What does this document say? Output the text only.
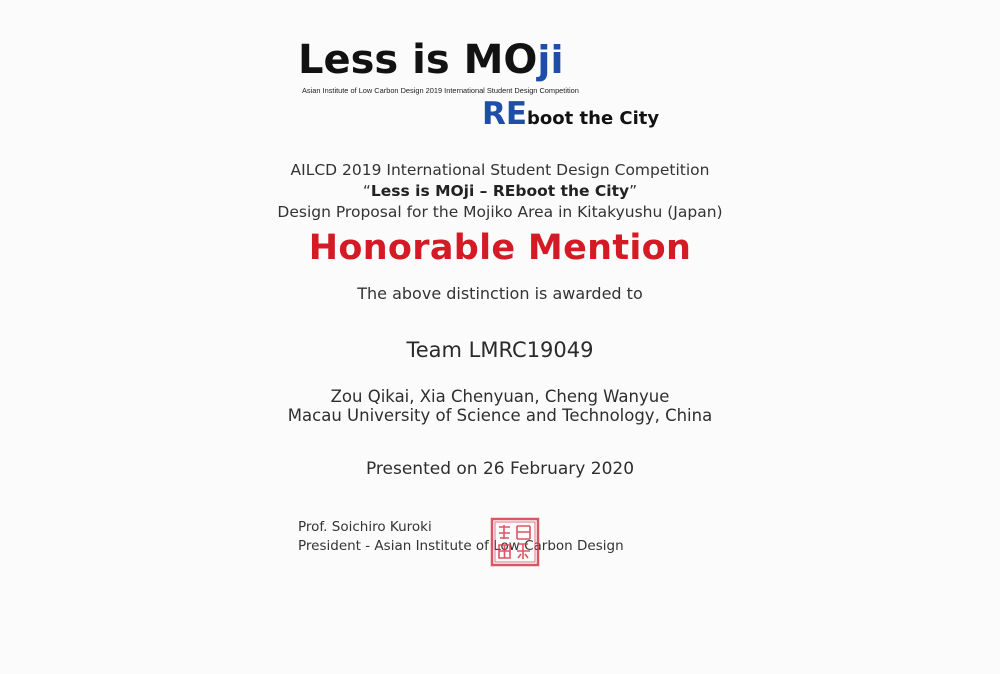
Less is MOji
Asian Institute of Low Carbon Design 2019 International Student Design Competition
REboot the City
AILCD 2019 International Student Design Competition
“Less is MOji – REboot the City”
Design Proposal for the Mojiko Area in Kitakyushu (Japan)
Honorable Mention
The above distinction is awarded to
Team LMRC19049
Zou Qikai, Xia Chenyuan, Cheng Wanyue
Macau University of Science and Technology, China
Presented on 26 February 2020
Prof. Soichiro Kuroki
President - Asian Institute of Low Carbon Design
